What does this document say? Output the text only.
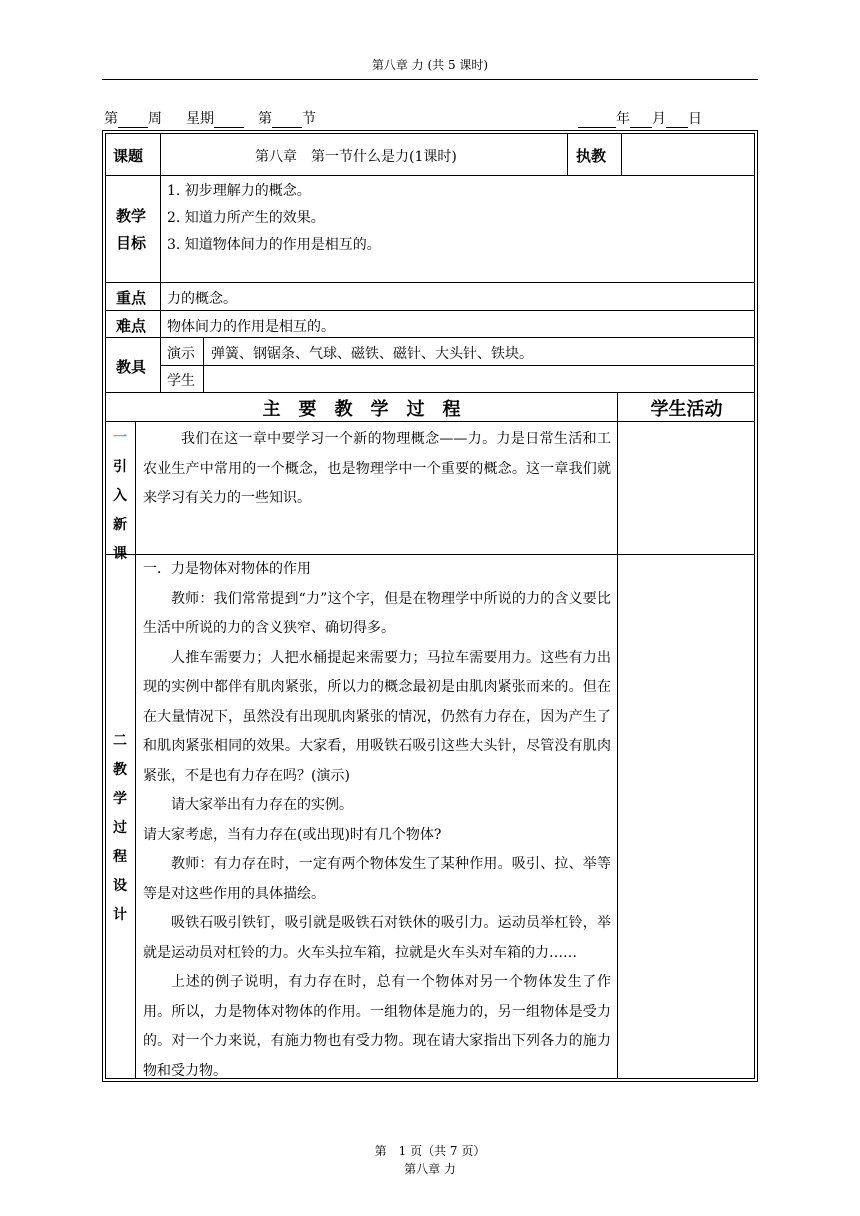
第八章 力 (共 5 课时)
第 周 星期	第 节	年 月 日
课题	第八章　第一节什么是力(1课时)	执教
教学
目标
1. 初步理解力的概念。
2. 知道力所产生的效果。
3. 知道物体间力的作用是相互的。
重点 力的概念。
难点 物体间力的作用是相互的。
教具
演示 弹簧、钢锯条、气球、磁铁、磁针、大头针、铁块。
学生
主　要　教　学　过　程	学生活动
一
引
入
新
课

我们在这一章中要学习一个新的物理概念——力。力是日常生活和工农业生产中常用的一个概念，也是物理学中一个重要的概念。这一章我们就来学习有关力的一些知识。

二
教
学
过
程
设
计

一．力是物体对物体的作用

教师：我们常常提到“力”这个字，但是在物理学中所说的力的含义要比生活中所说的力的含义狭窄、确切得多。

人推车需要力；人把水桶提起来需要力；马拉车需要用力。这些有力出现的实例中都伴有肌肉紧张，所以力的概念最初是由肌肉紧张而来的。但在在大量情况下，虽然没有出现肌肉紧张的情况，仍然有力存在，因为产生了和肌肉紧张相同的效果。大家看，用吸铁石吸引这些大头针，尽管没有肌肉紧张，不是也有力存在吗？(演示)

请大家举出有力存在的实例。

请大家考虑，当有力存在(或出现)时有几个物体?

教师：有力存在时，一定有两个物体发生了某种作用。吸引、拉、举等等是对这些作用的具体描绘。

吸铁石吸引铁钉，吸引就是吸铁石对铁休的吸引力。运动员举杠铃，举就是运动员对杠铃的力。火车头拉车箱，拉就是火车头对车箱的力……

上述的例子说明，有力存在时，总有一个物体对另一个物体发生了作用。所以，力是物体对物体的作用。一组物体是施力的，另一组物体是受力的。对一个力来说，有施力物也有受力物。现在请大家指出下列各力的施力物和受力物。

第　1 页（共 7 页）
第八章 力
